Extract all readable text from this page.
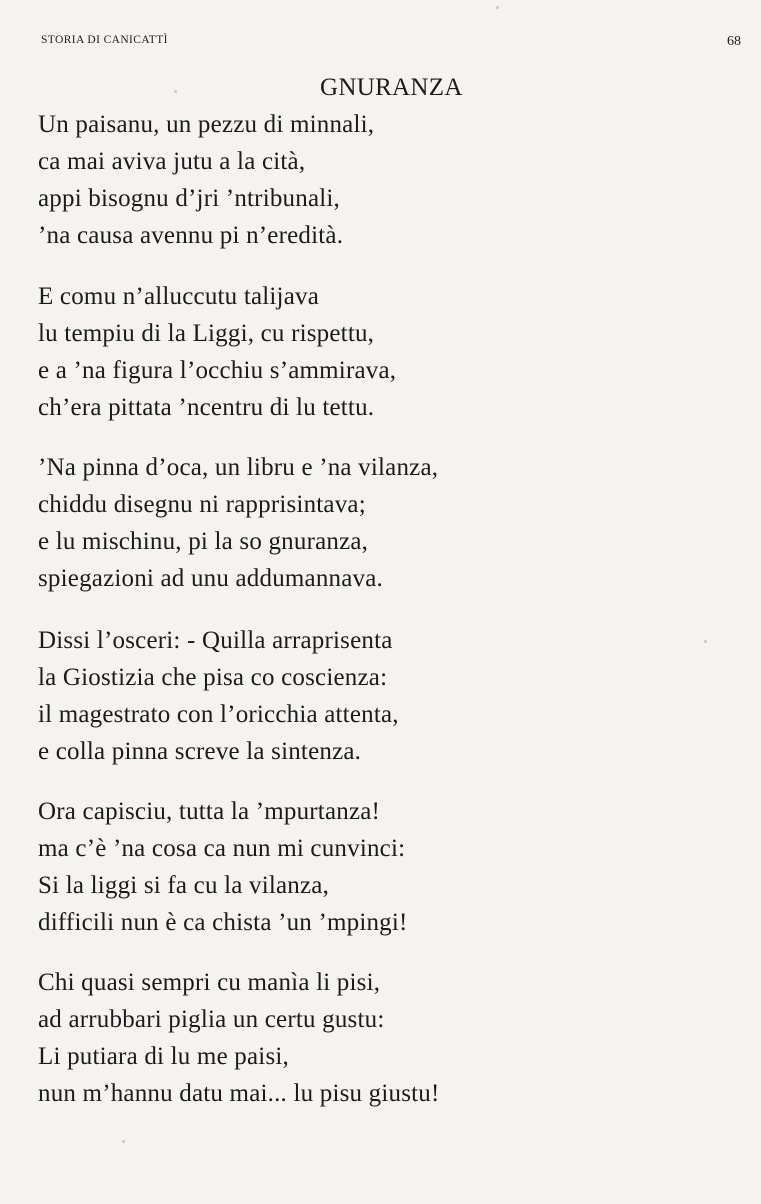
STORIA DI CANICATTÌ	68
GNURANZA
Un paisanu, un pezzu di minnali,
ca mai aviva jutu a la cità,
appi bisognu d’jri ’ntribunali,
’na causa avennu pi n’eredità.
E comu n’alluccutu talijava
lu tempiu di la Liggi, cu rispettu,
e a ’na figura l’occhiu s’ammirava,
ch’era pittata ’ncentru di lu tettu.
’Na pinna d’oca, un libru e ’na vilanza,
chiddu disegnu ni rapprisintava;
e lu mischinu, pi la so gnuranza,
spiegazioni ad unu addumannava.
Dissi l’osceri: - Quilla arraprisenta
la Giostizia che pisa co coscienza:
il magestrato con l’oricchia attenta,
e colla pinna screve la sintenza.
Ora capisciu, tutta la ’mpurtanza!
ma c’è ’na cosa ca nun mi cunvinci:
Si la liggi si fa cu la vilanza,
difficili nun è ca chista ’un ’mpingi!
Chi quasi sempri cu manìa li pisi,
ad arrubbari piglia un certu gustu:
Li putiara di lu me paisi,
nun m’hannu datu mai... lu pisu giustu!
